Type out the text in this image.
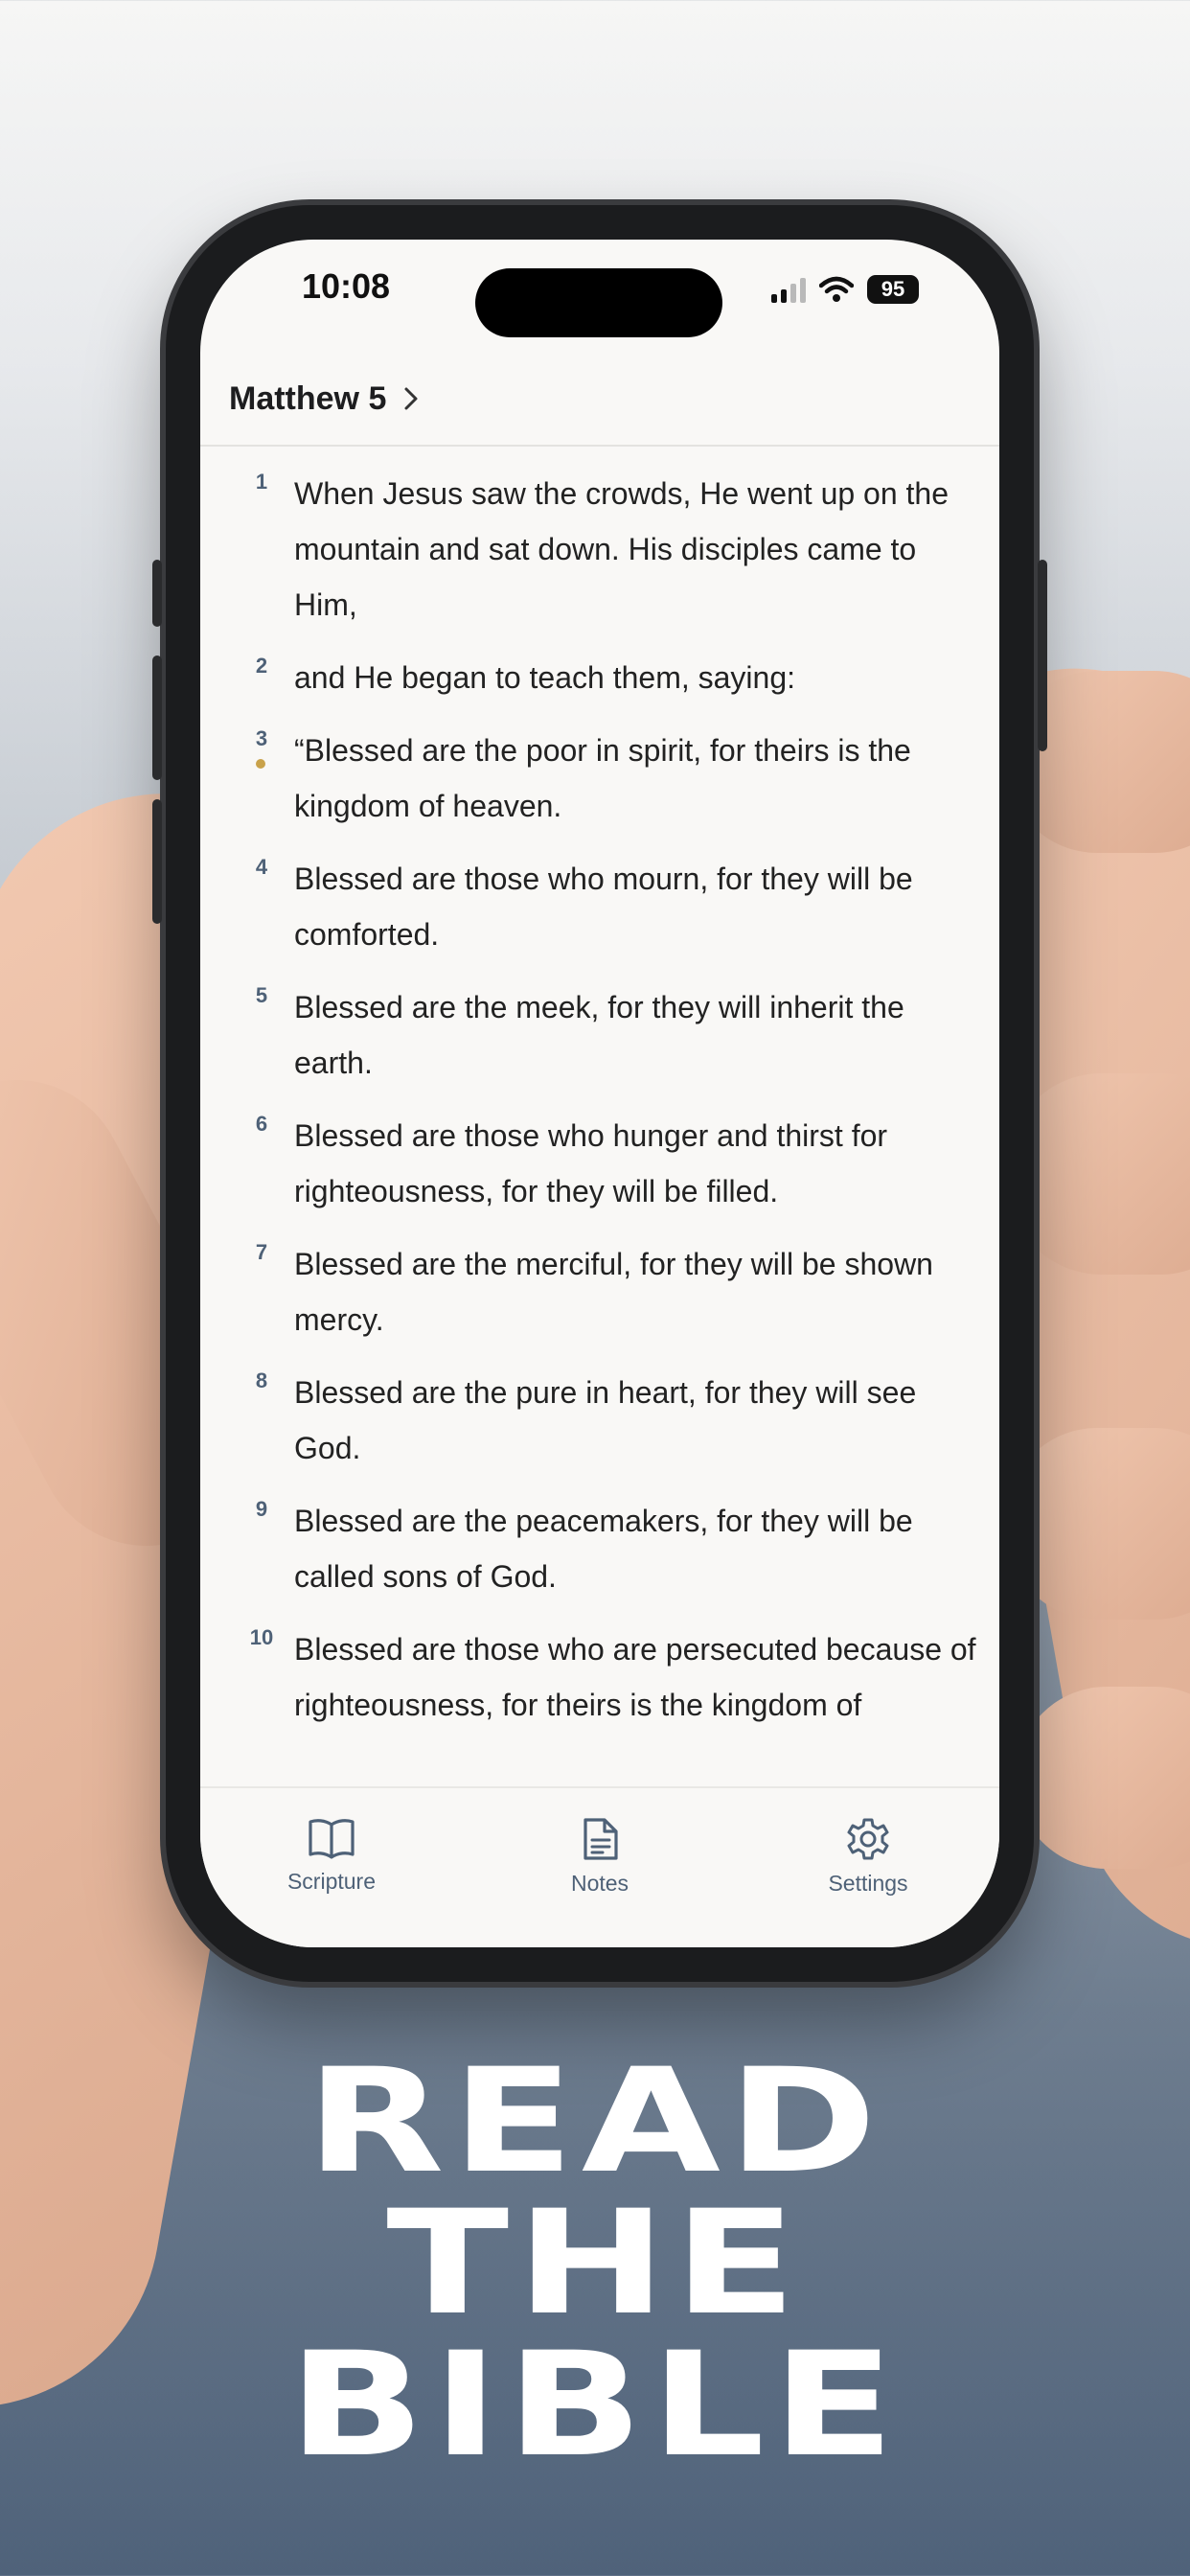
10:08	95
Matthew 5
1 When Jesus saw the crowds, He went up on the mountain and sat down. His disciples came to Him,
2 and He began to teach them, saying:
3 “Blessed are the poor in spirit, for theirs is the kingdom of heaven.
4 Blessed are those who mourn, for they will be comforted.
5 Blessed are the meek, for they will inherit the earth.
6 Blessed are those who hunger and thirst for righteousness, for they will be filled.
7 Blessed are the merciful, for they will be shown mercy.
8 Blessed are the pure in heart, for they will see God.
9 Blessed are the peacemakers, for they will be called sons of God.
10 Blessed are those who are persecuted because of righteousness, for theirs is the kingdom of
Scripture	Notes	Settings
READ
THE
BIBLE
